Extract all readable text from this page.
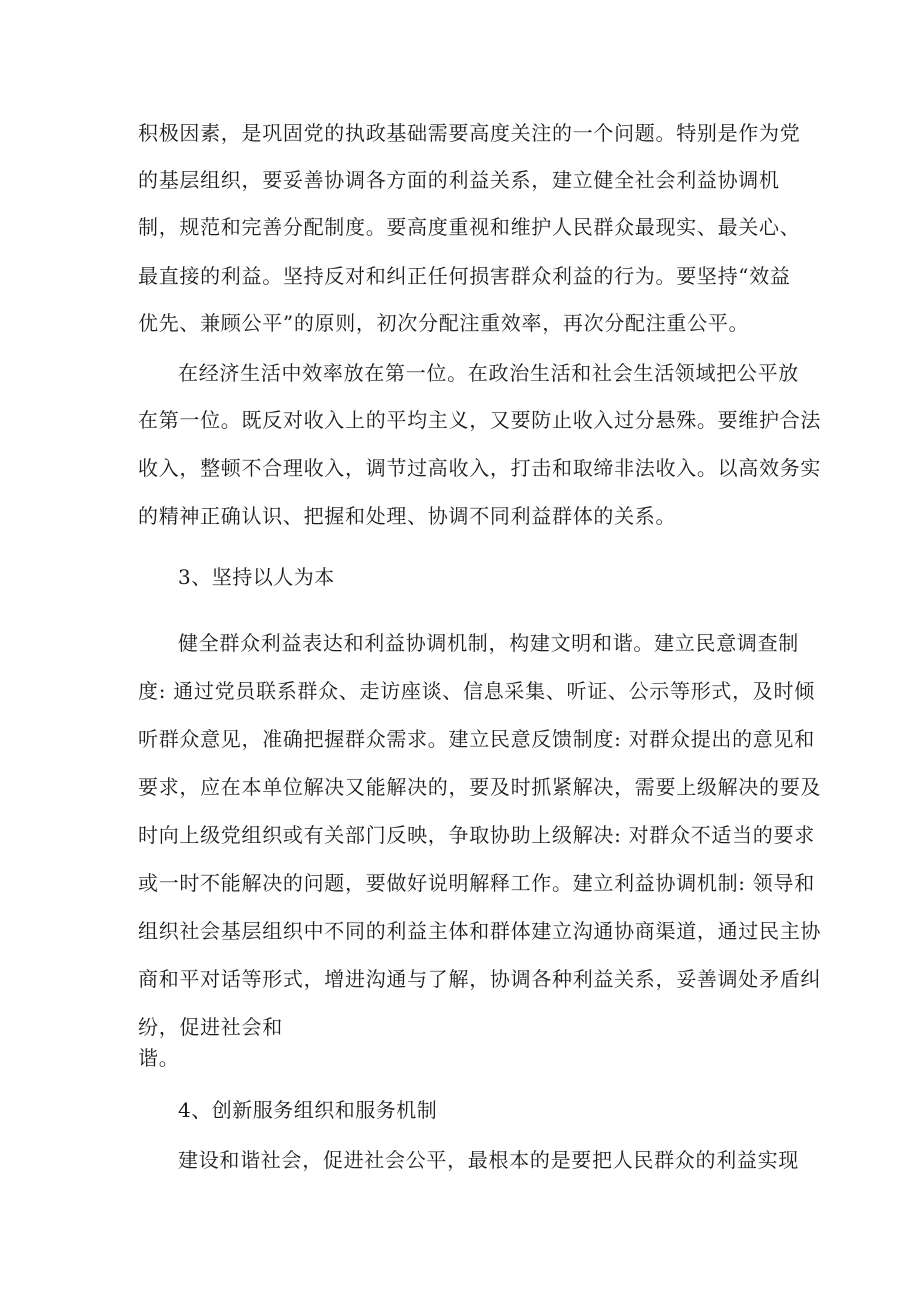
积极因素，是巩固党的执政基础需要高度关注的一个问题。特别是作为党
的基层组织，要妥善协调各方面的利益关系，建立健全社会利益协调机
制，规范和完善分配制度。要高度重视和维护人民群众最现实、最关心、
最直接的利益。坚持反对和纠正任何损害群众利益的行为。要坚持“效益
优先、兼顾公平”的原则，初次分配注重效率，再次分配注重公平。
在经济生活中效率放在第一位。在政治生活和社会生活领域把公平放
在第一位。既反对收入上的平均主义，又要防止收入过分悬殊。要维护合法
收入，整顿不合理收入，调节过高收入，打击和取缔非法收入。以高效务实
的精神正确认识、把握和处理、协调不同利益群体的关系。
3、坚持以人为本
健全群众利益表达和利益协调机制，构建文明和谐。建立民意调查制
度: 通过党员联系群众、走访座谈、信息采集、听证、公示等形式，及时倾
听群众意见，准确把握群众需求。建立民意反馈制度: 对群众提出的意见和
要求，应在本单位解决又能解决的，要及时抓紧解决，需要上级解决的要及
时向上级党组织或有关部门反映，争取协助上级解决: 对群众不适当的要求
或一时不能解决的问题，要做好说明解释工作。建立利益协调机制: 领导和
组织社会基层组织中不同的利益主体和群体建立沟通协商渠道，通过民主协
商和平对话等形式，增进沟通与了解，协调各种利益关系，妥善调处矛盾纠
纷，促进社会和
谐。
4、创新服务组织和服务机制
建设和谐社会，促进社会公平，最根本的是要把人民群众的利益实现
